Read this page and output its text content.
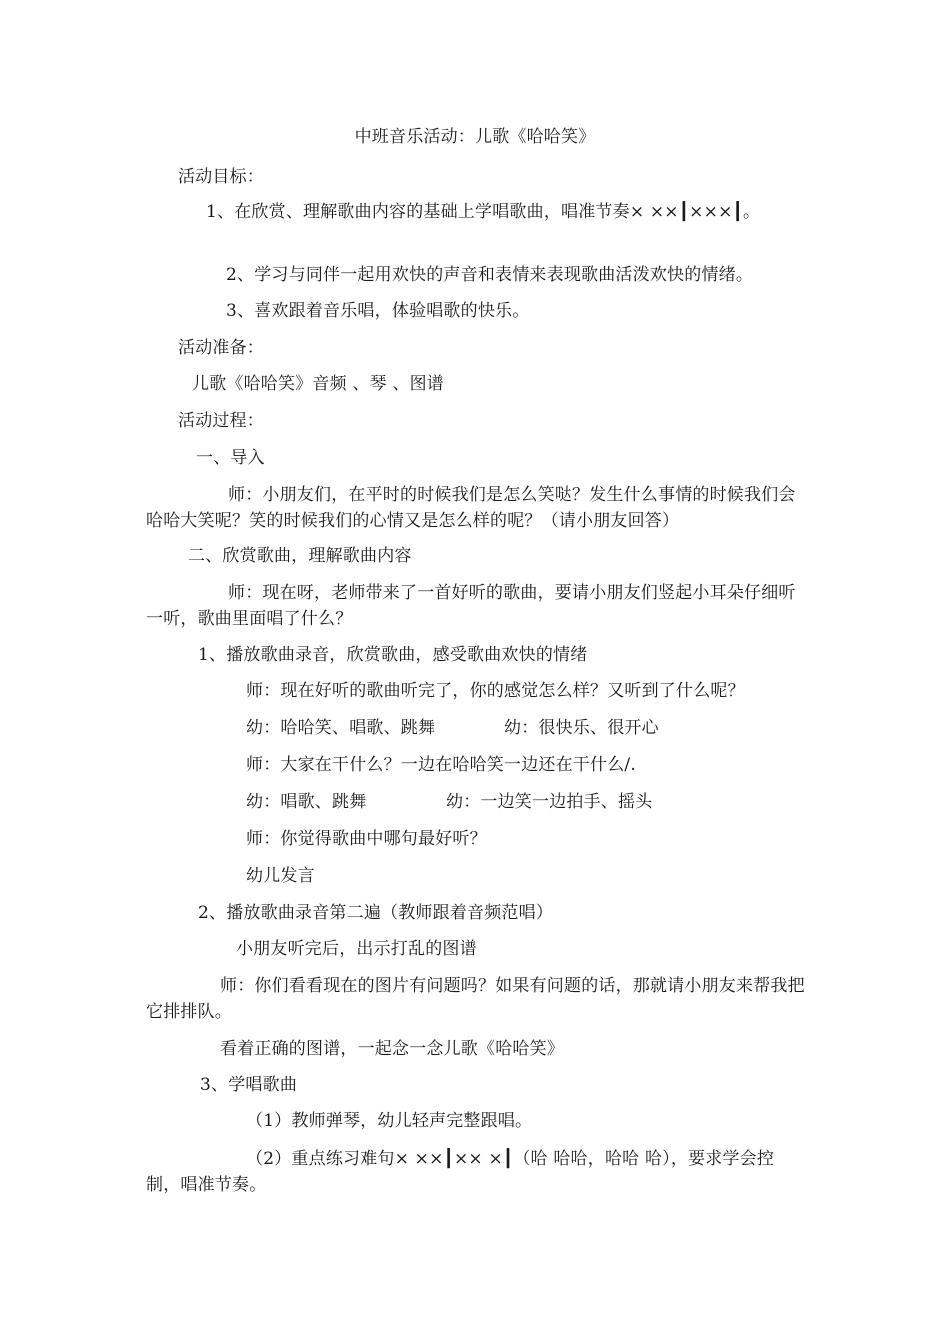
中班音乐活动：儿歌《哈哈笑》
活动目标：
1、在欣赏、理解歌曲内容的基础上学唱歌曲，唱准节奏× ××┃×××┃。
2、学习与同伴一起用欢快的声音和表情来表现歌曲活泼欢快的情绪。
3、喜欢跟着音乐唱，体验唱歌的快乐。
活动准备：
儿歌《哈哈笑》音频 、琴 、图谱
活动过程：
一、导入
师：小朋友们，在平时的时候我们是怎么笑哒？发生什么事情的时候我们会哈哈大笑呢？笑的时候我们的心情又是怎么样的呢？（请小朋友回答）
二、欣赏歌曲，理解歌曲内容
师：现在呀，老师带来了一首好听的歌曲，要请小朋友们竖起小耳朵仔细听一听，歌曲里面唱了什么？
1、播放歌曲录音，欣赏歌曲，感受歌曲欢快的情绪
师：现在好听的歌曲听完了，你的感觉怎么样？又听到了什么呢？
幼：哈哈笑、唱歌、跳舞	幼：很快乐、很开心
师：大家在干什么？一边在哈哈笑一边还在干什么/.
幼：唱歌、跳舞	幼：一边笑一边拍手、摇头
师：你觉得歌曲中哪句最好听？
幼儿发言
2、播放歌曲录音第二遍（教师跟着音频范唱）
小朋友听完后，出示打乱的图谱
师：你们看看现在的图片有问题吗？如果有问题的话，那就请小朋友来帮我把它排排队。
看着正确的图谱，一起念一念儿歌《哈哈笑》
3、学唱歌曲
（1）教师弹琴，幼儿轻声完整跟唱。
（2）重点练习难句× ××┃×× ×┃（哈 哈哈，哈哈 哈），要求学会控制，唱准节奏。
